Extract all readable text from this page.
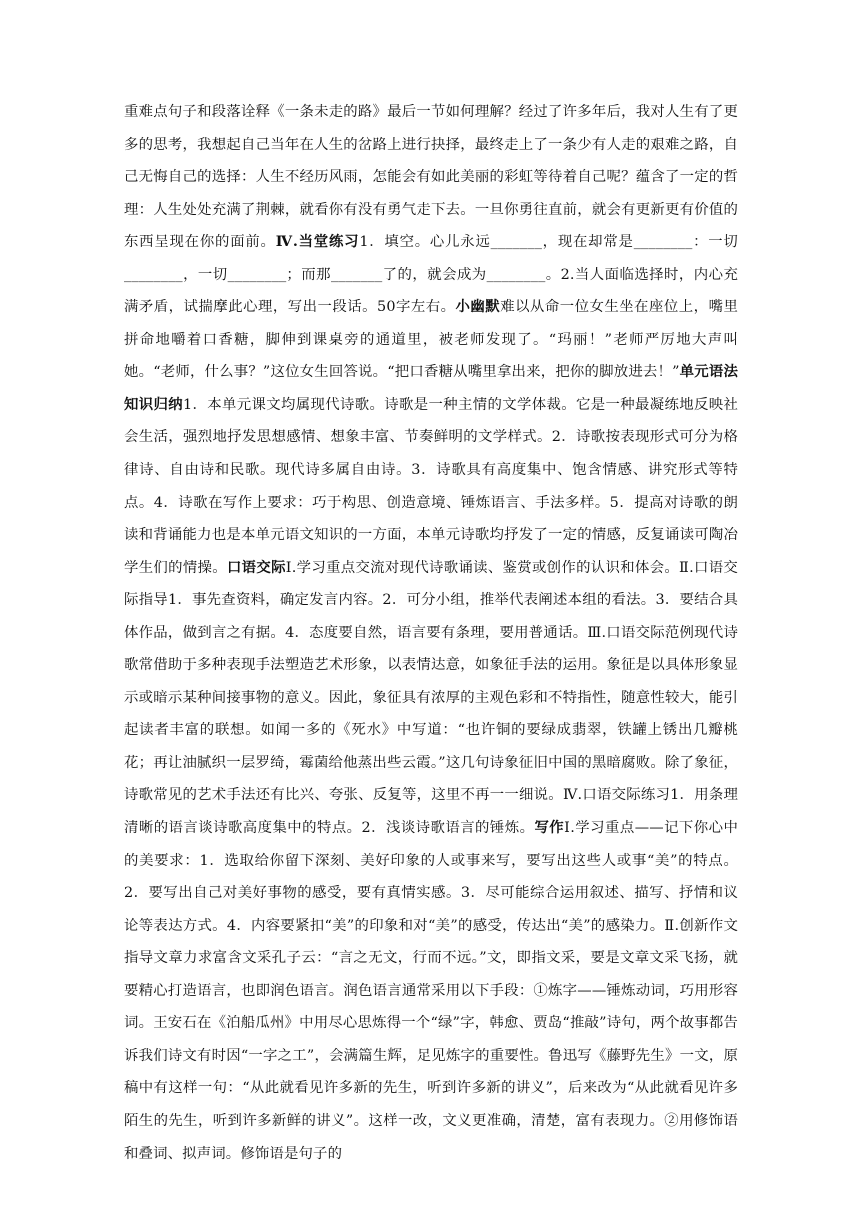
重难点句子和段落诠释《一条未走的路》最后一节如何理解？经过了许多年后，我对人生有了更多的思考，我想起自己当年在人生的岔路上进行抉择，最终走上了一条少有人走的艰难之路，自己无悔自己的选择：人生不经历风雨，怎能会有如此美丽的彩虹等待着自己呢？蕴含了一定的哲理：人生处处充满了荆棘，就看你有没有勇气走下去。一旦你勇往直前，就会有更新更有价值的东西呈现在你的面前。Ⅳ.当堂练习1．填空。心儿永远_______，现在却常是________：一切________，一切________；而那_______了的，就会成为________。2.当人面临选择时，内心充满矛盾，试揣摩此心理，写出一段话。50字左右。小幽默难以从命一位女生坐在座位上，嘴里拼命地嚼着口香糖，脚伸到课桌旁的通道里，被老师发现了。“玛丽！”老师严厉地大声叫她。“老师，什么事？”这位女生回答说。“把口香糖从嘴里拿出来，把你的脚放进去！”单元语法知识归纳1．本单元课文均属现代诗歌。诗歌是一种主情的文学体裁。它是一种最凝练地反映社会生活，强烈地抒发思想感情、想象丰富、节奏鲜明的文学样式。2．诗歌按表现形式可分为格律诗、自由诗和民歌。现代诗多属自由诗。3．诗歌具有高度集中、饱含情感、讲究形式等特点。4．诗歌在写作上要求：巧于构思、创造意境、锤炼语言、手法多样。5．提高对诗歌的朗读和背诵能力也是本单元语文知识的一方面，本单元诗歌均抒发了一定的情感，反复诵读可陶冶学生们的情操。口语交际Ⅰ.学习重点交流对现代诗歌诵读、鉴赏或创作的认识和体会。Ⅱ.口语交际指导1．事先查资料，确定发言内容。2．可分小组，推举代表阐述本组的看法。3．要结合具体作品，做到言之有据。4．态度要自然，语言要有条理，要用普通话。Ⅲ.口语交际范例现代诗歌常借助于多种表现手法塑造艺术形象，以表情达意，如象征手法的运用。象征是以具体形象显示或暗示某种间接事物的意义。因此，象征具有浓厚的主观色彩和不特指性，随意性较大，能引起读者丰富的联想。如闻一多的《死水》中写道：“也许铜的要绿成翡翠，铁罐上锈出几瓣桃花；再让油腻织一层罗绮，霉菌给他蒸出些云霞。”这几句诗象征旧中国的黑暗腐败。除了象征，诗歌常见的艺术手法还有比兴、夸张、反复等，这里不再一一细说。Ⅳ.口语交际练习1．用条理清晰的语言谈诗歌高度集中的特点。2．浅谈诗歌语言的锤炼。写作Ⅰ.学习重点——记下你心中的美要求：1．选取给你留下深刻、美好印象的人或事来写，要写出这些人或事“美”的特点。2．要写出自己对美好事物的感受，要有真情实感。3．尽可能综合运用叙述、描写、抒情和议论等表达方式。4．内容要紧扣“美”的印象和对“美”的感受，传达出“美”的感染力。Ⅱ.创新作文指导文章力求富含文采孔子云：“言之无文，行而不远。”文，即指文采，要是文章文采飞扬，就要精心打造语言，也即润色语言。润色语言通常采用以下手段：①炼字——锤炼动词，巧用形容词。王安石在《泊船瓜州》中用尽心思炼得一个“绿”字，韩愈、贾岛“推敲”诗句，两个故事都告诉我们诗文有时因“一字之工”，会满篇生辉，足见炼字的重要性。鲁迅写《藤野先生》一文，原稿中有这样一句：“从此就看见许多新的先生，听到许多新的讲义”，后来改为“从此就看见许多陌生的先生，听到许多新鲜的讲义”。这样一改，文义更准确，清楚，富有表现力。②用修饰语和叠词、拟声词。修饰语是句子的
